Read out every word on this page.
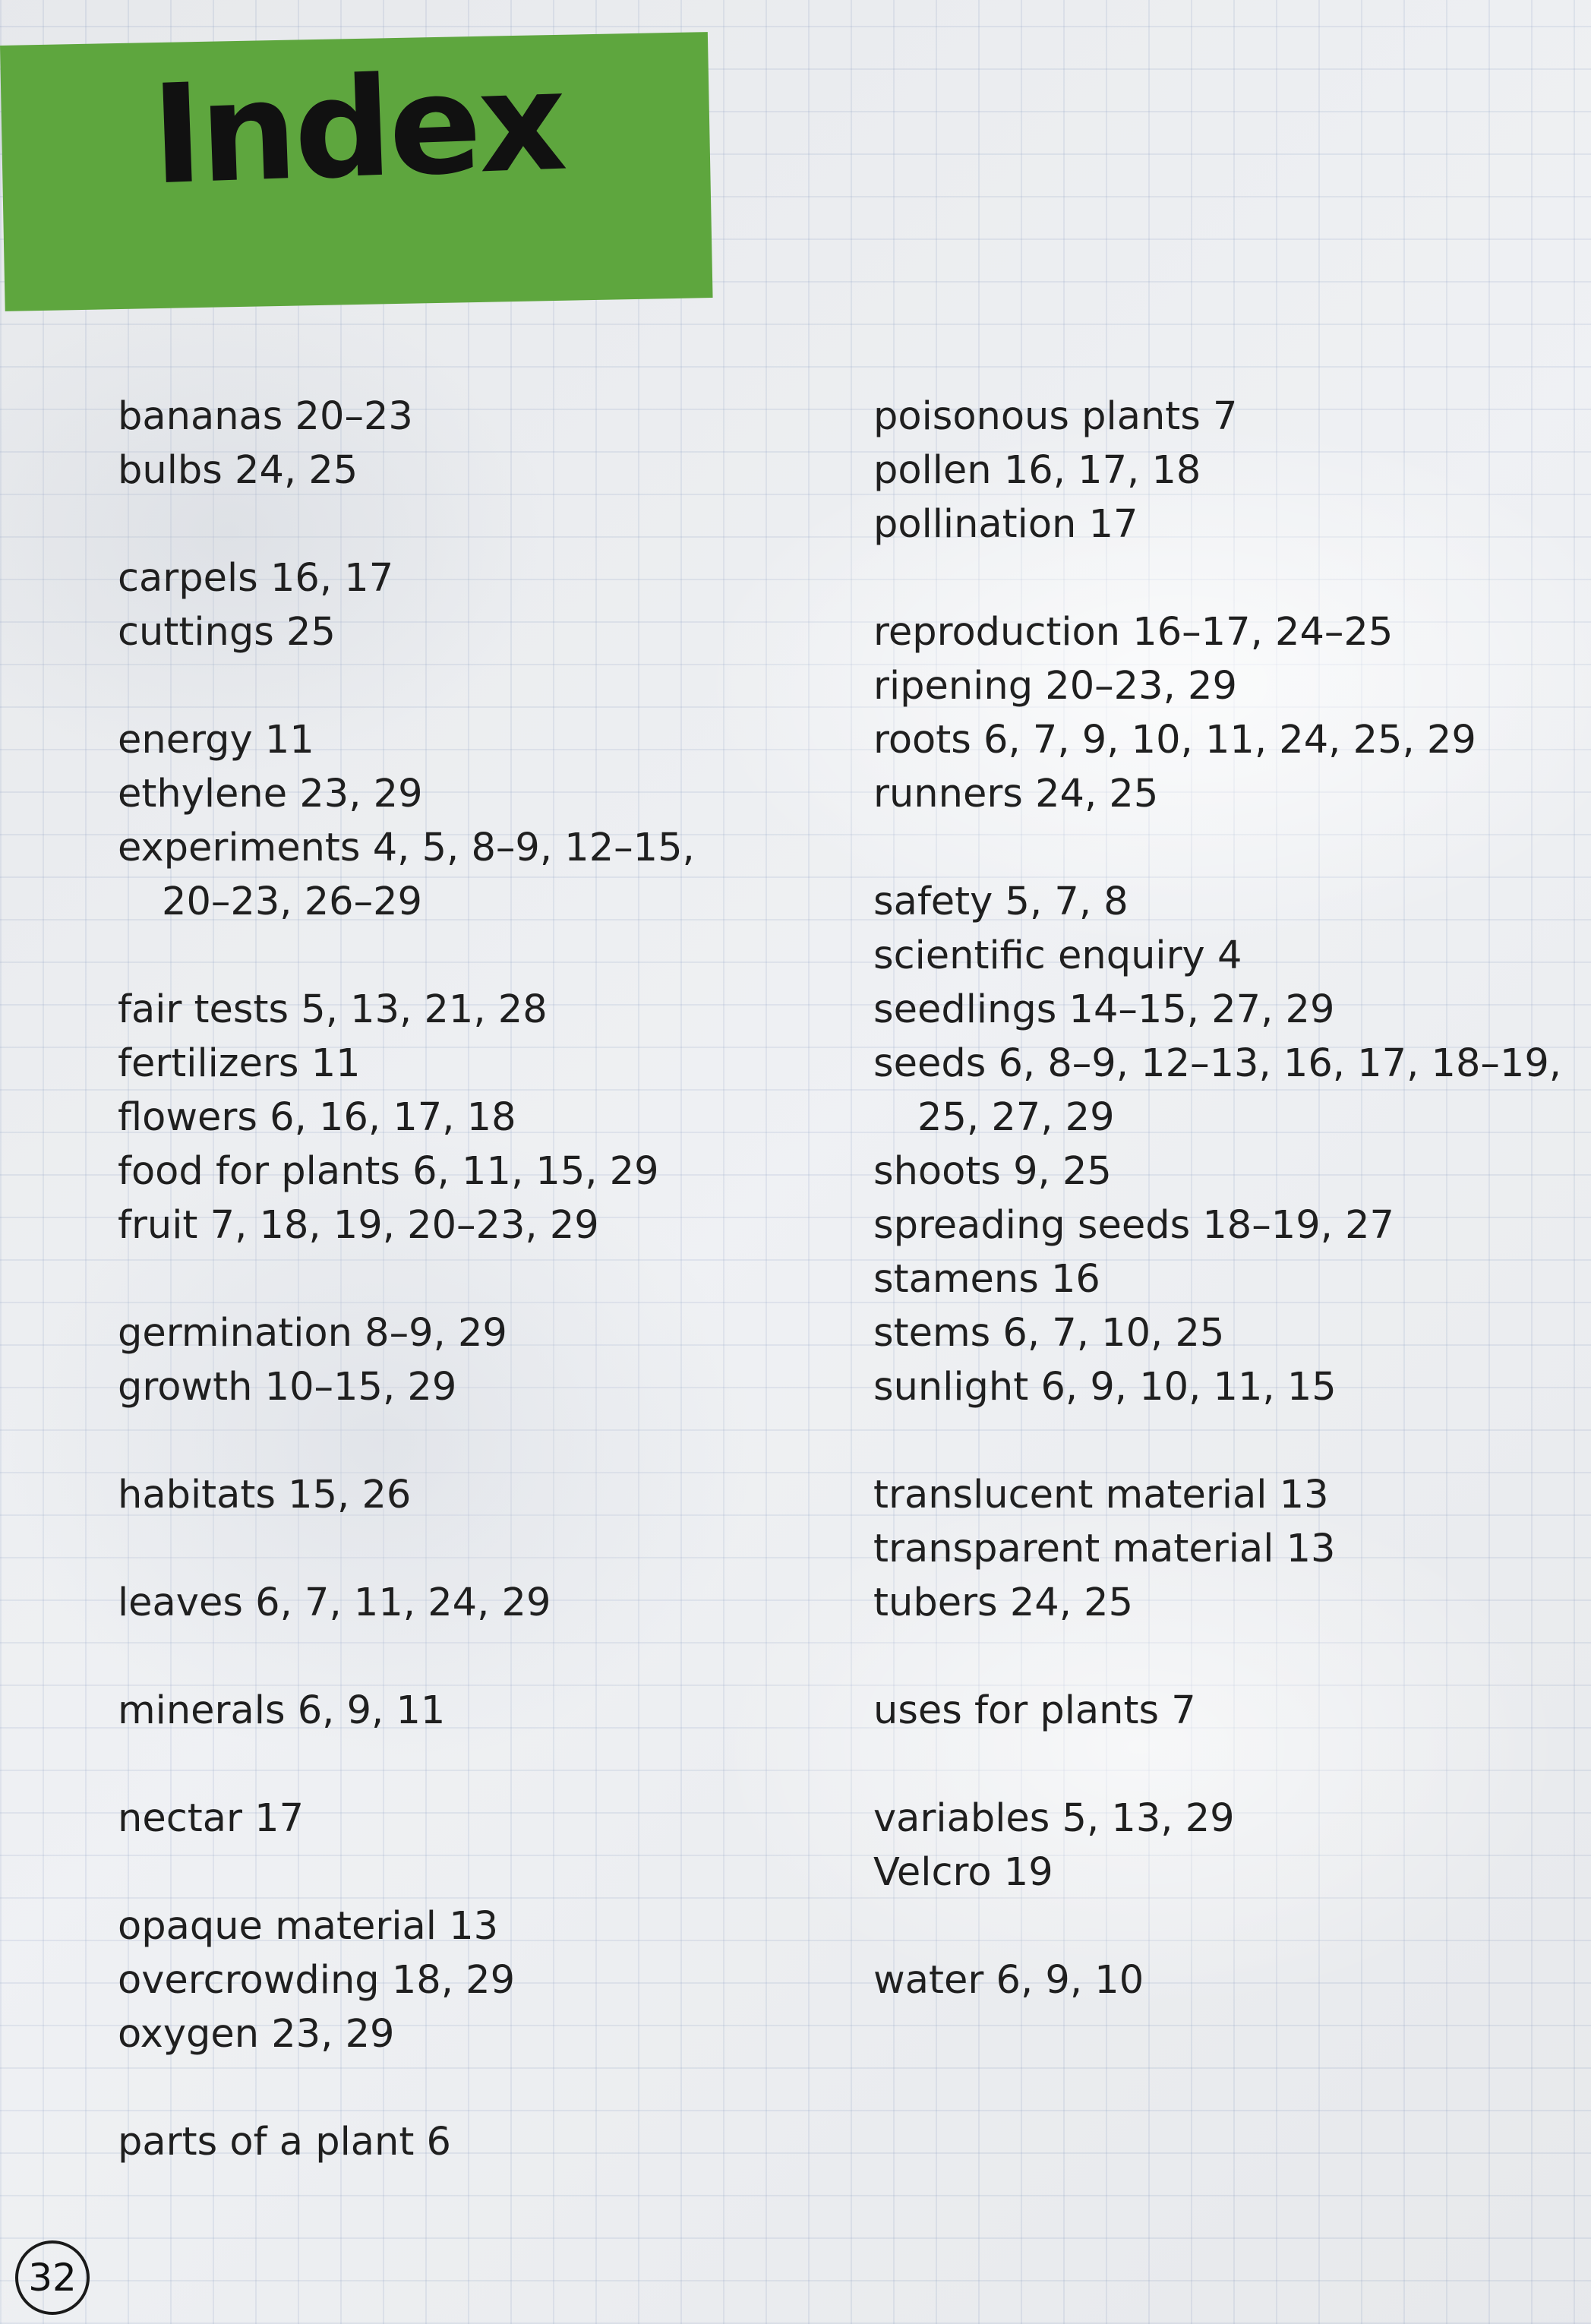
Index
bananas 20–23
bulbs 24, 25
carpels 16, 17
cuttings 25
energy 11
ethylene 23, 29
experiments 4, 5, 8–9, 12–15,
20–23, 26–29
fair tests 5, 13, 21, 28
fertilizers 11
flowers 6, 16, 17, 18
food for plants 6, 11, 15, 29
fruit 7, 18, 19, 20–23, 29
germination 8–9, 29
growth 10–15, 29
habitats 15, 26
leaves 6, 7, 11, 24, 29
minerals 6, 9, 11
nectar 17
opaque material 13
overcrowding 18, 29
oxygen 23, 29
parts of a plant 6
poisonous plants 7
pollen 16, 17, 18
pollination 17
reproduction 16–17, 24–25
ripening 20–23, 29
roots 6, 7, 9, 10, 11, 24, 25, 29
runners 24, 25
safety 5, 7, 8
scientific enquiry 4
seedlings 14–15, 27, 29
seeds 6, 8–9, 12–13, 16, 17, 18–19,
25, 27, 29
shoots 9, 25
spreading seeds 18–19, 27
stamens 16
stems 6, 7, 10, 25
sunlight 6, 9, 10, 11, 15
translucent material 13
transparent material 13
tubers 24, 25
uses for plants 7
variables 5, 13, 29
Velcro 19
water 6, 9, 10
32
